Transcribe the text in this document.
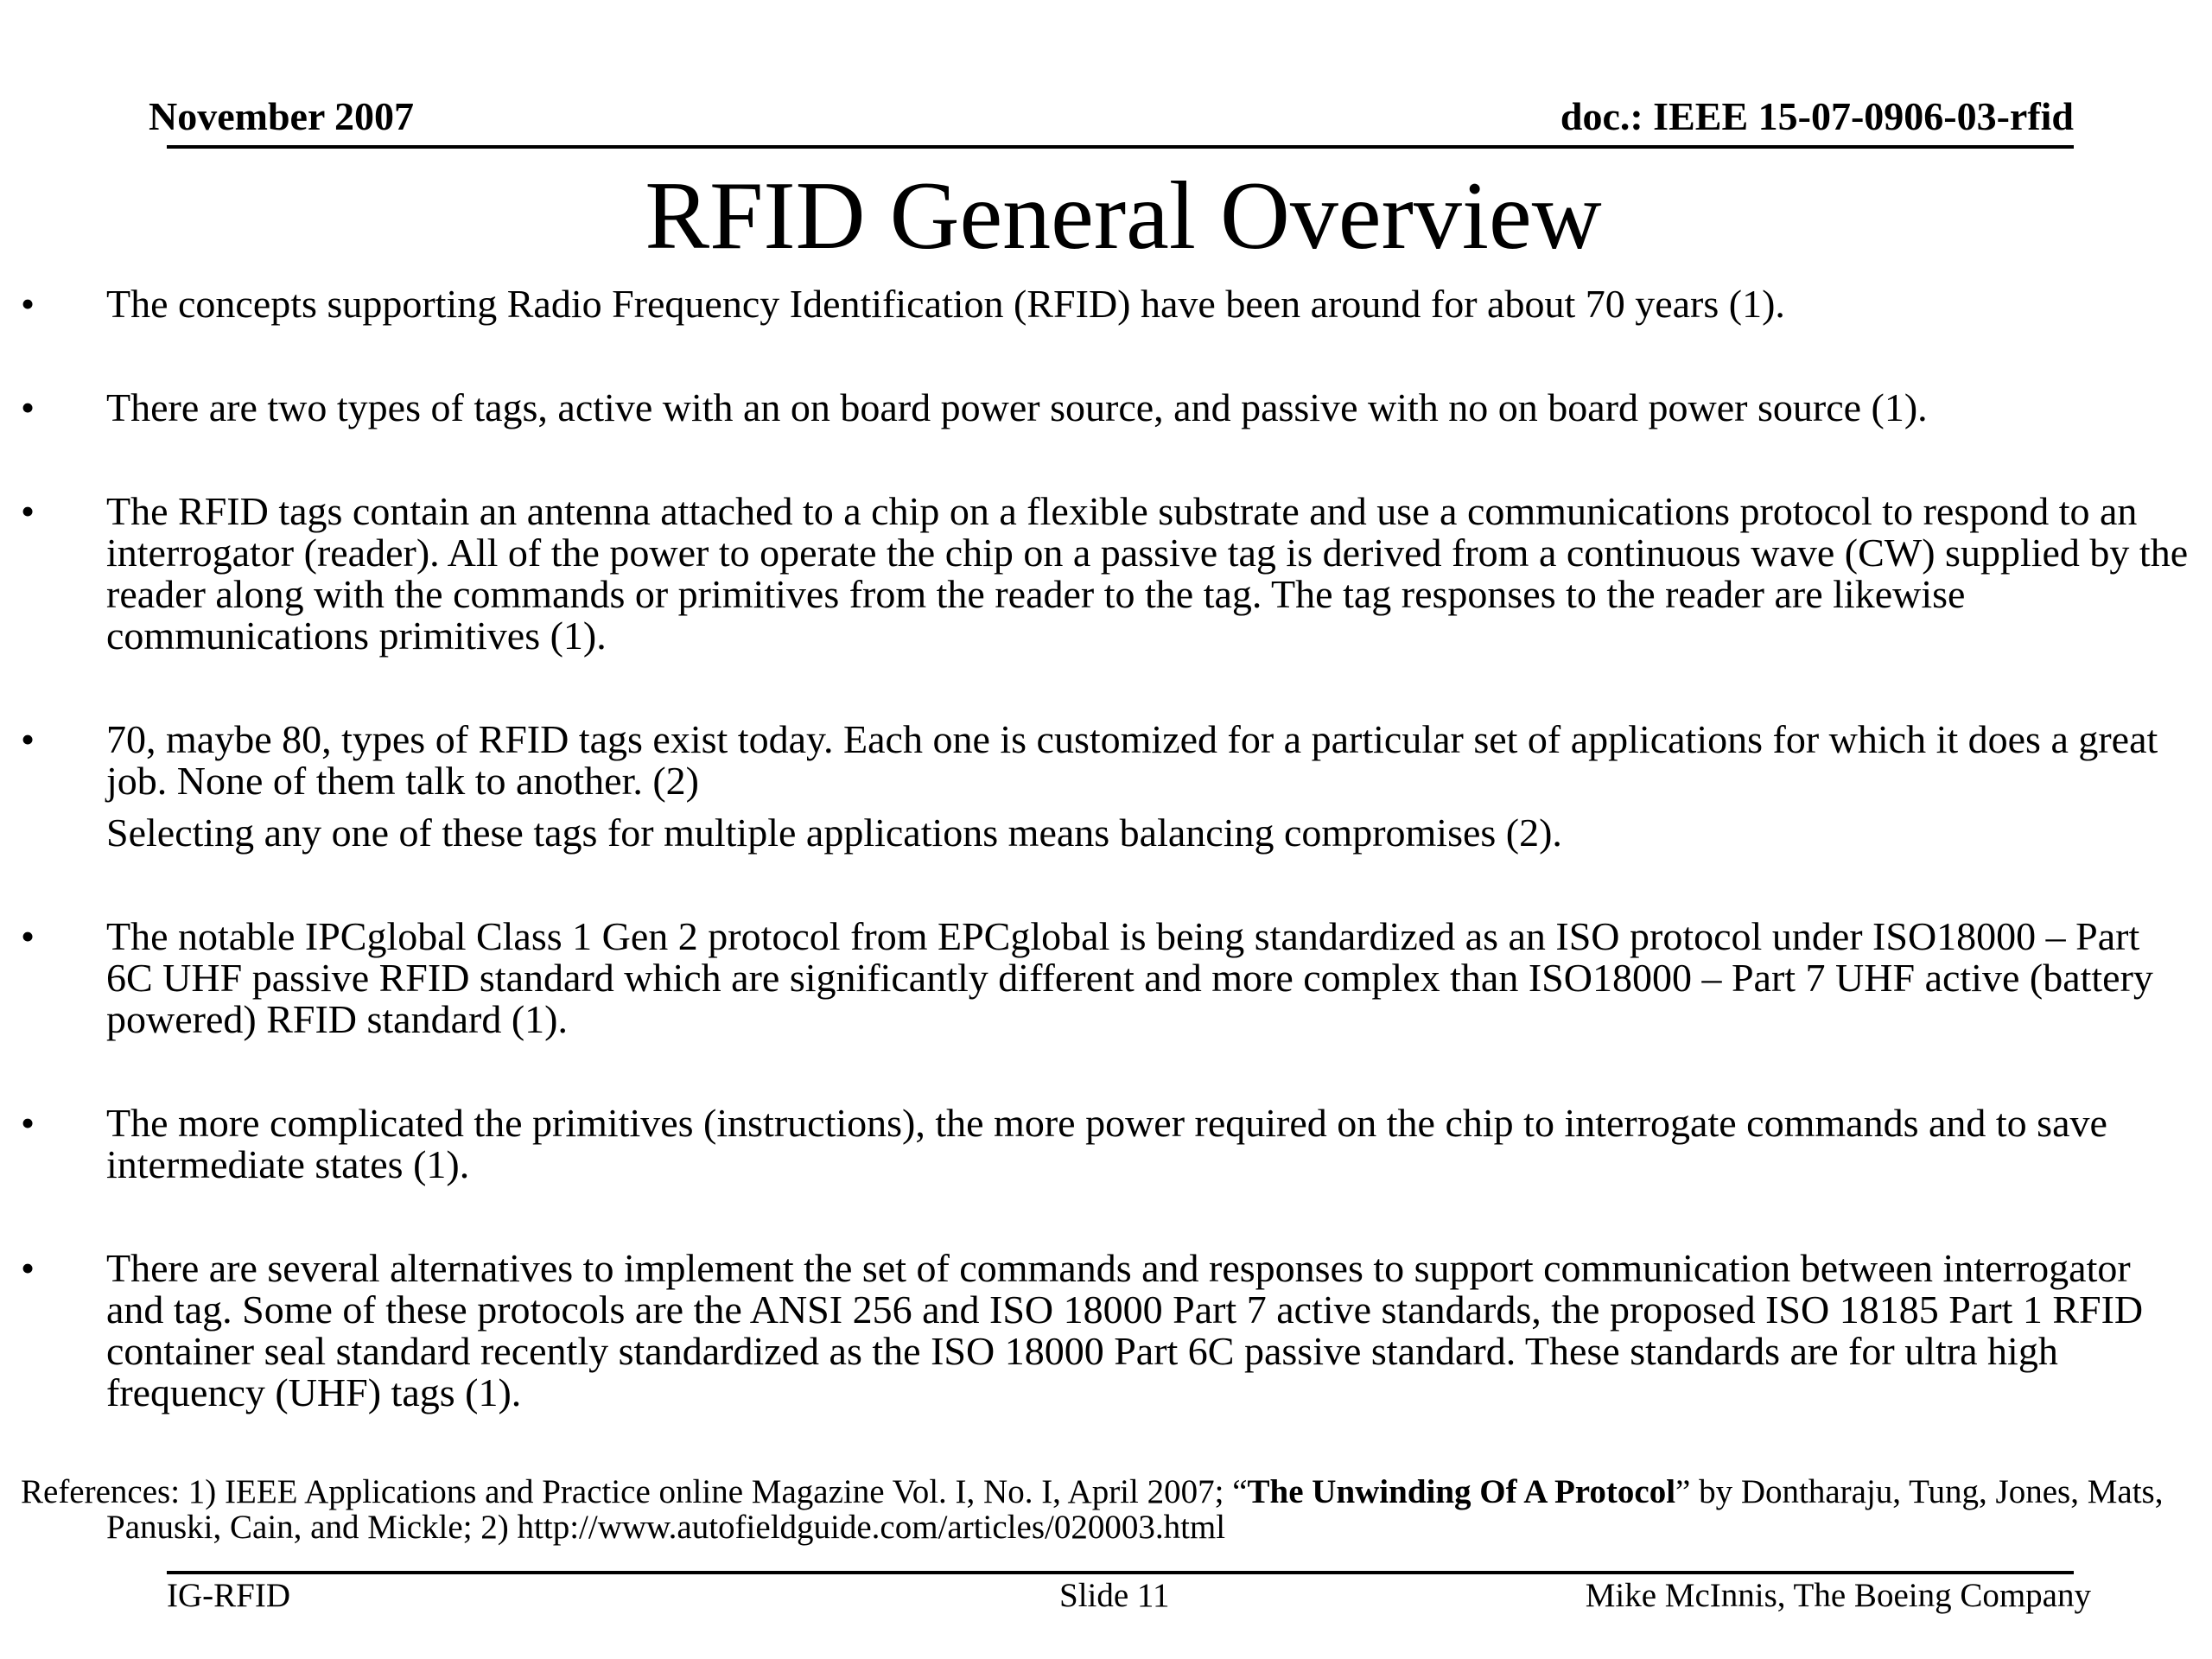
November 2007	doc.: IEEE 15-07-0906-03-rfid
RFID General Overview
• The concepts supporting Radio Frequency Identification (RFID) have been around for about 70 years (1).
• There are two types of tags, active with an on board power source, and passive with no on board power source (1).
• The RFID tags contain an antenna attached to a chip on a flexible substrate and use a communications protocol to respond to an interrogator (reader). All of the power to operate the chip on a passive tag is derived from a continuous wave (CW) supplied by the reader along with the commands or primitives from the reader to the tag. The tag responses to the reader are likewise communications primitives (1).
• 70, maybe 80, types of RFID tags exist today. Each one is customized for a particular set of applications for which it does a great job. None of them talk to another. (2)
Selecting any one of these tags for multiple applications means balancing compromises (2).
• The notable IPCglobal Class 1 Gen 2 protocol from EPCglobal is being standardized as an ISO protocol under ISO18000 – Part 6C UHF passive RFID standard which are significantly different and more complex than ISO18000 – Part 7 UHF active (battery powered) RFID standard (1).
• The more complicated the primitives (instructions), the more power required on the chip to interrogate commands and to save intermediate states (1).
• There are several alternatives to implement the set of commands and responses to support communication between interrogator and tag. Some of these protocols are the ANSI 256 and ISO 18000 Part 7 active standards, the proposed ISO 18185 Part 1 RFID container seal standard recently standardized as the ISO 18000 Part 6C passive standard. These standards are for ultra high frequency (UHF) tags (1).
References: 1) IEEE Applications and Practice online Magazine Vol. I, No. I, April 2007; “The Unwinding Of A Protocol” by Dontharaju, Tung, Jones, Mats, Panuski, Cain, and Mickle; 2) http://www.autofieldguide.com/articles/020003.html
IG-RFID	Slide 11	Mike McInnis, The Boeing Company
